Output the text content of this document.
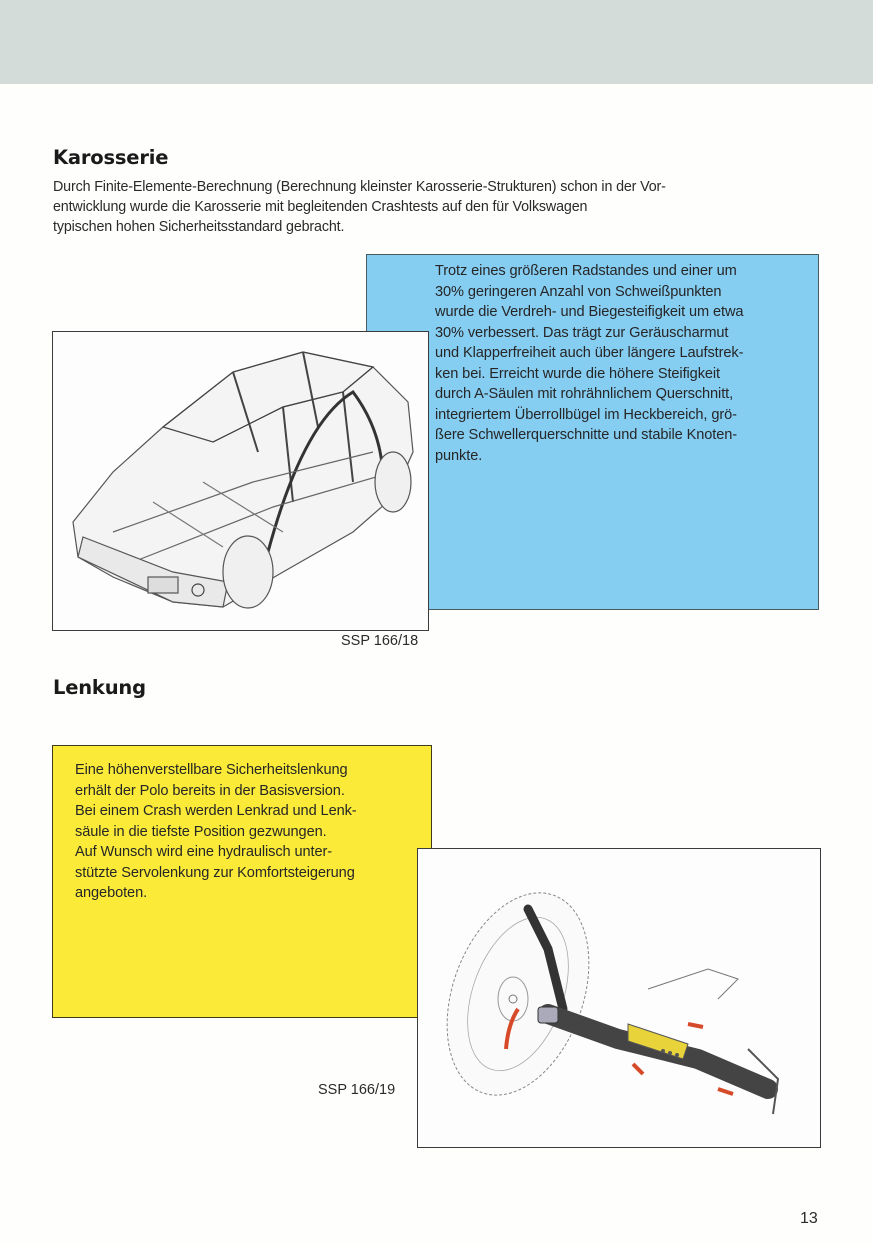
Karosserie
Durch Finite-Elemente-Berechnung (Berechnung kleinster Karosserie-Strukturen) schon in der Vor-
entwicklung wurde die Karosserie mit begleitenden Crashtests auf den für Volkswagen
typischen hohen Sicherheitsstandard gebracht.
Trotz eines größeren Radstandes und einer um
30% geringeren Anzahl von Schweißpunkten
wurde die Verdreh- und Biegesteifigkeit um etwa
30% verbessert. Das trägt zur Geräuscharmut
und Klapperfreiheit auch über längere Laufstrek-
ken bei. Erreicht wurde die höhere Steifigkeit
durch A-Säulen mit rohrähnlichem Querschnitt,
integriertem Überrollbügel im Heckbereich, grö-
ßere Schwellerquerschnitte und stabile Knoten-
punkte.
SSP 166/18
Lenkung
Eine höhenverstellbare Sicherheitslenkung
erhält der Polo bereits in der Basisversion.
Bei einem Crash werden Lenkrad und Lenk-
säule in die tiefste Position gezwungen.
Auf Wunsch wird eine hydraulisch unter-
stützte Servolenkung zur Komfortsteigerung
angeboten.
SSP 166/19
13
